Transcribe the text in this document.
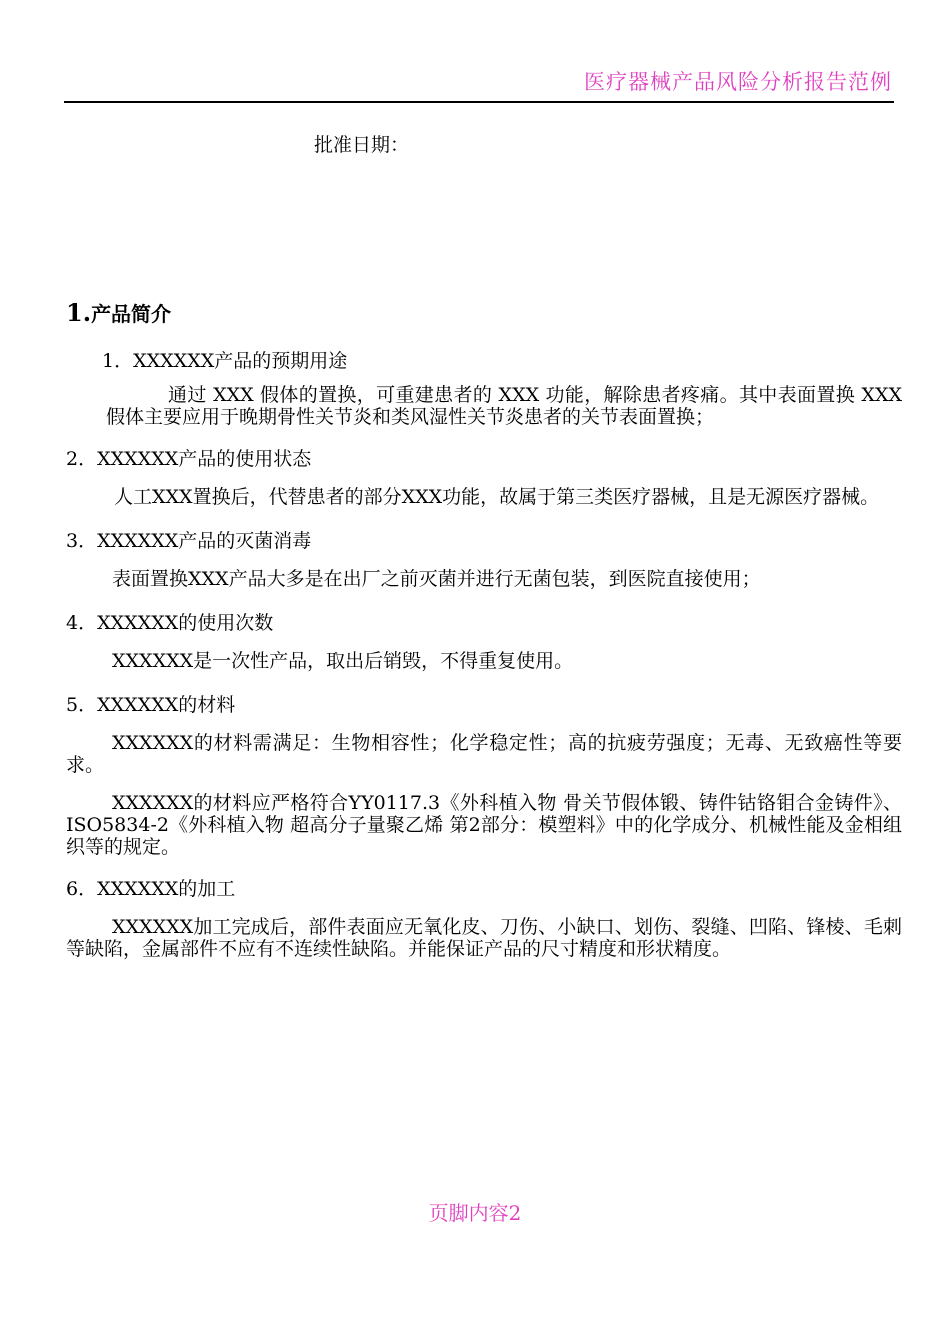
医疗器械产品风险分析报告范例
批准日期：
1.产品简介
1．XXXXXX产品的预期用途
通过 XXX 假体的置换，可重建患者的 XXX 功能，解除患者疼痛。其中表面置换 XXX 假体主要应用于晚期骨性关节炎和类风湿性关节炎患者的关节表面置换；
2．XXXXXX产品的使用状态
人工XXX置换后，代替患者的部分XXX功能，故属于第三类医疗器械，且是无源医疗器械。
3．XXXXXX产品的灭菌消毒
表面置换XXX产品大多是在出厂之前灭菌并进行无菌包装，到医院直接使用；
4．XXXXXX的使用次数
XXXXXX是一次性产品，取出后销毁，不得重复使用。
5．XXXXXX的材料
XXXXXX的材料需满足：生物相容性；化学稳定性；高的抗疲劳强度；无毒、无致癌性等要求。
XXXXXX的材料应严格符合YY0117.3《外科植入物 骨关节假体锻、铸件钴铬钼合金铸件》、ISO5834-2《外科植入物 超高分子量聚乙烯 第2部分：模塑料》中的化学成分、机械性能及金相组织等的规定。
6．XXXXXX的加工
XXXXXX加工完成后，部件表面应无氧化皮、刀伤、小缺口、划伤、裂缝、凹陷、锋棱、毛刺等缺陷，金属部件不应有不连续性缺陷。并能保证产品的尺寸精度和形状精度。
页脚内容2
